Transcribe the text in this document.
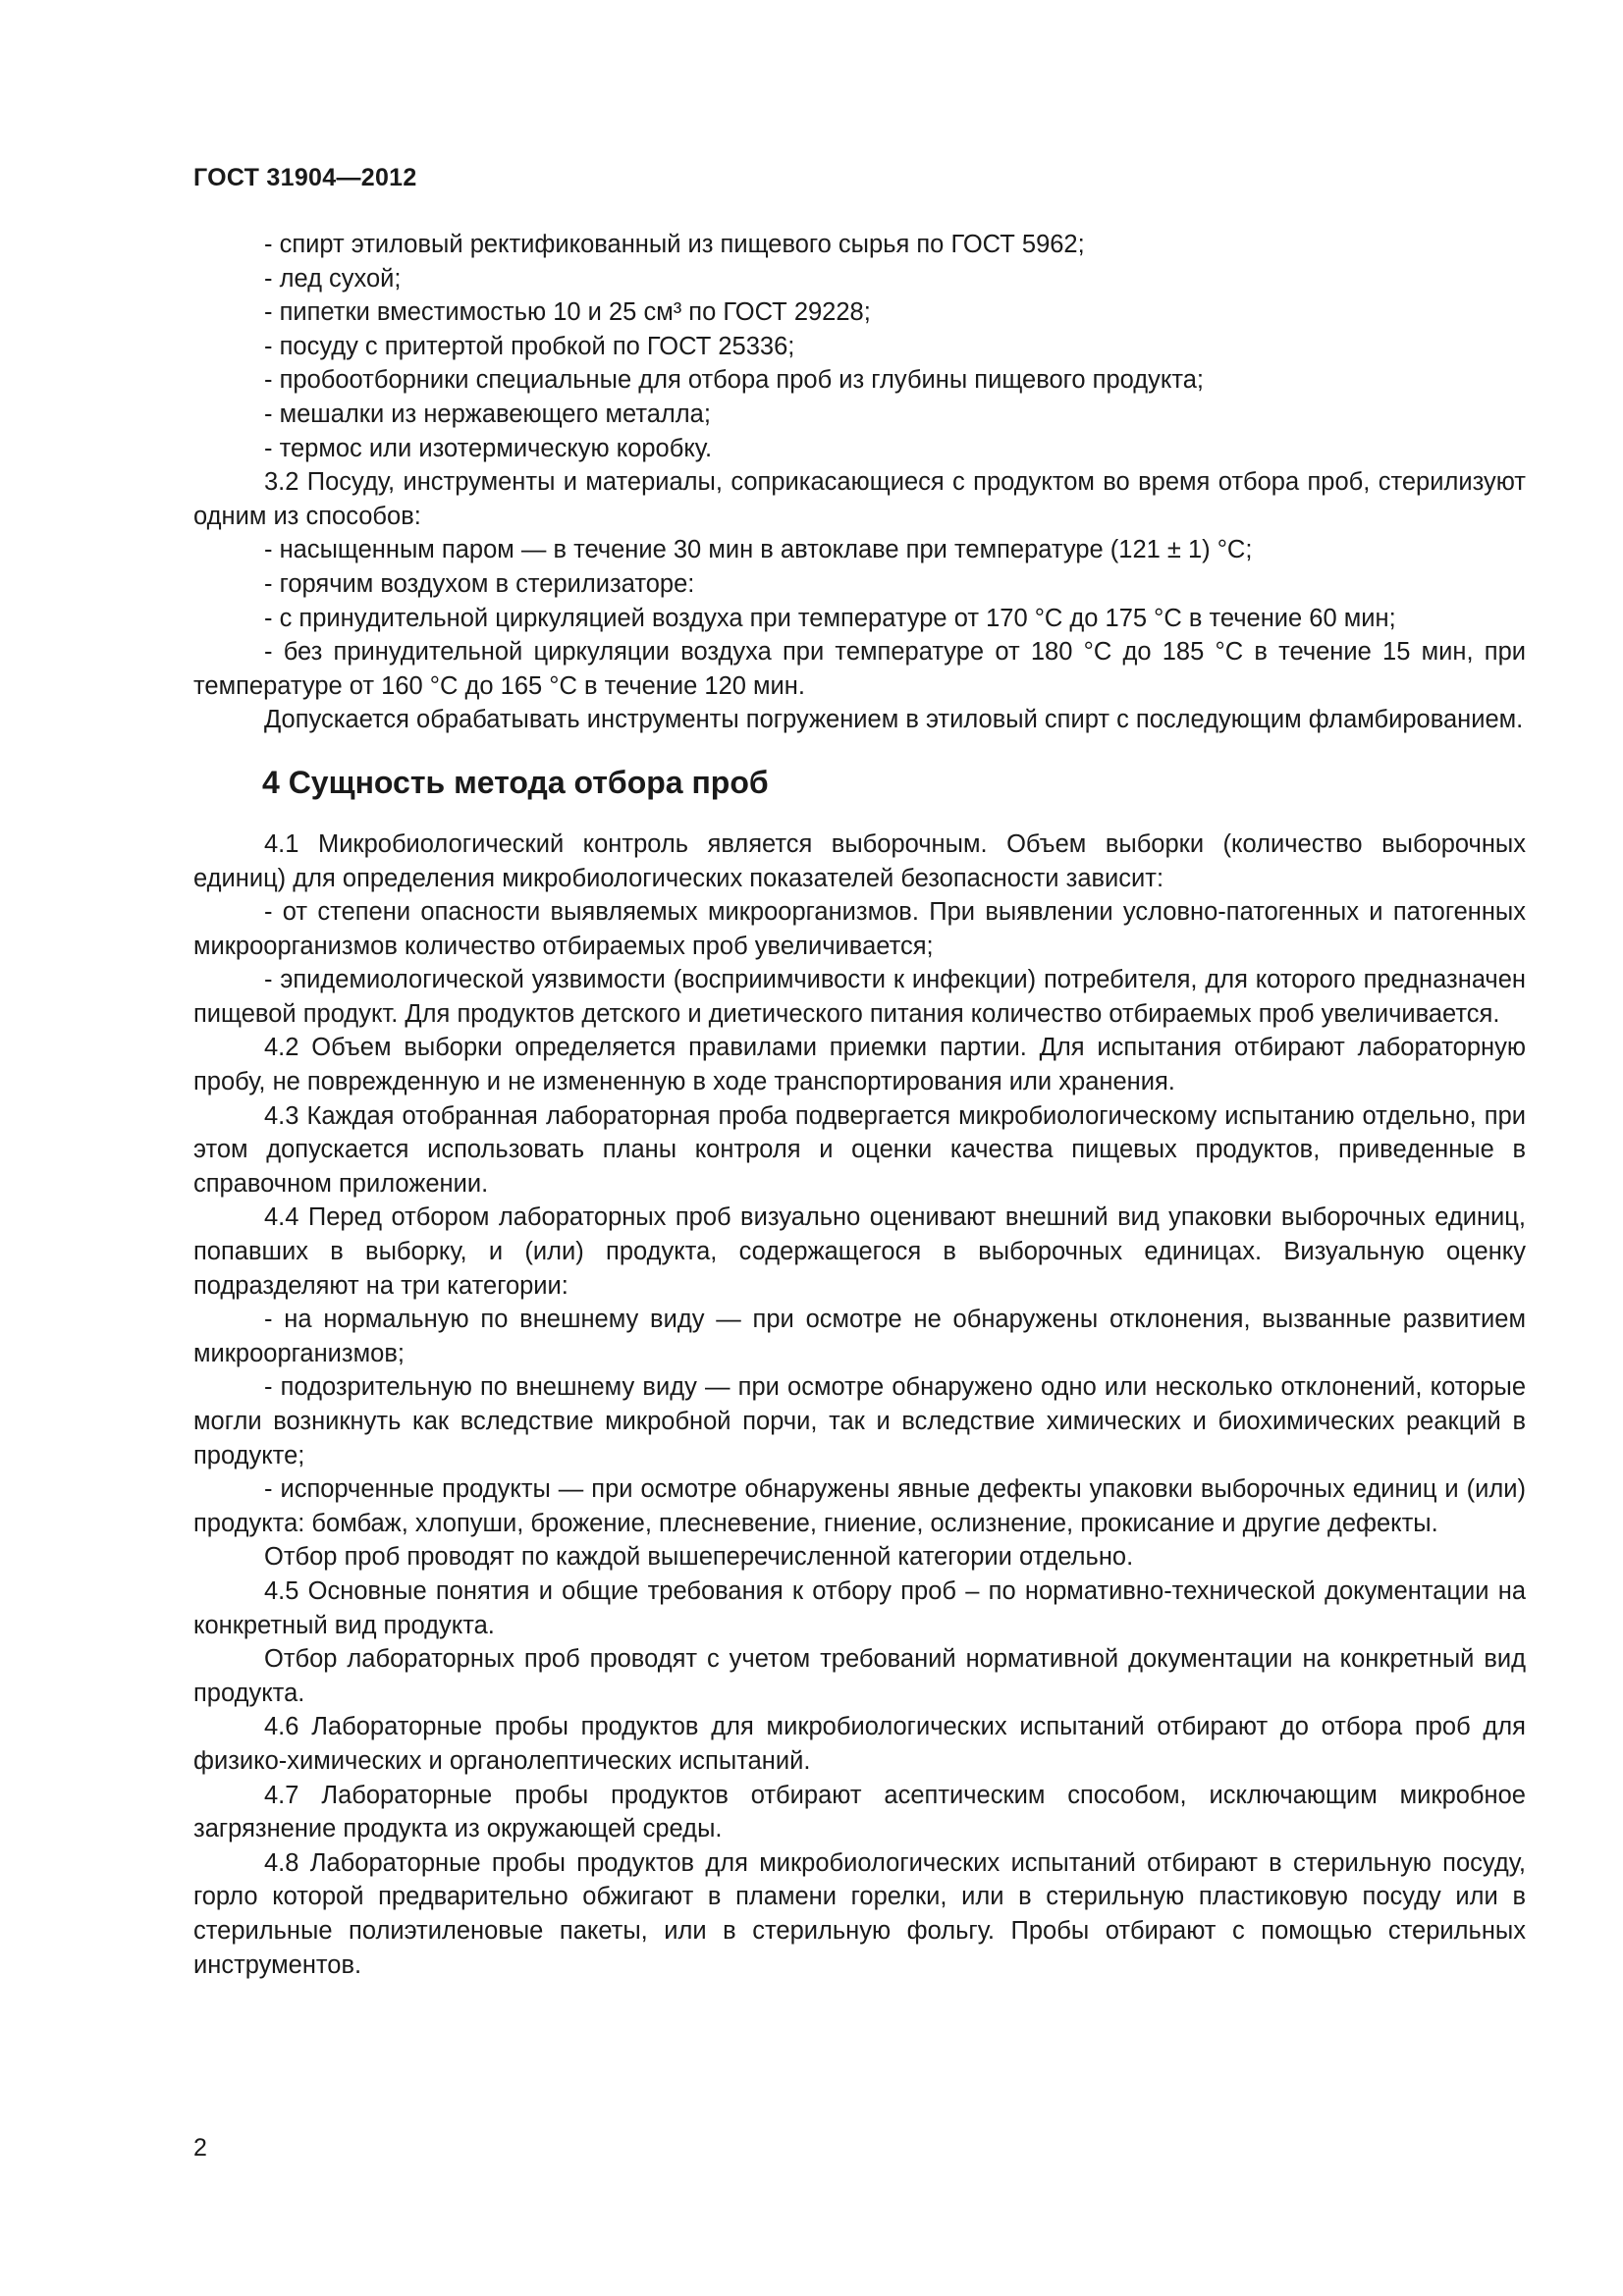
ГОСТ 31904—2012

- спирт этиловый ректификованный из пищевого сырья по ГОСТ 5962;

- лед сухой;

- пипетки вместимостью 10 и 25 см³ по ГОСТ 29228;

- посуду с притертой пробкой по ГОСТ 25336;

- пробоотборники специальные для отбора проб из глубины пищевого продукта;

- мешалки из нержавеющего металла;

- термос или изотермическую коробку.

3.2 Посуду, инструменты и материалы, соприкасающиеся с продуктом во время отбора проб, стерилизуют одним из способов:

- насыщенным паром — в течение 30 мин в автоклаве при температуре (121 ± 1) °С;

- горячим воздухом в стерилизаторе:

- с принудительной циркуляцией воздуха при температуре от 170 °С до 175 °С в течение 60 мин;

- без принудительной циркуляции воздуха при температуре от 180 °С до 185 °С в течение 15 мин, при температуре от 160 °С до 165 °С в течение 120 мин.

Допускается обрабатывать инструменты погружением в этиловый спирт с последующим фламбированием.

4 Сущность метода отбора проб

4.1 Микробиологический контроль является выборочным. Объем выборки (количество выборочных единиц) для определения микробиологических показателей безопасности зависит:

- от степени опасности выявляемых микроорганизмов. При выявлении условно-патогенных и патогенных микроорганизмов количество отбираемых проб увеличивается;

- эпидемиологической уязвимости (восприимчивости к инфекции) потребителя, для которого предназначен пищевой продукт. Для продуктов детского и диетического питания количество отбираемых проб увеличивается.

4.2 Объем выборки определяется правилами приемки партии. Для испытания отбирают лабораторную пробу, не поврежденную и не измененную в ходе транспортирования или хранения.

4.3 Каждая отобранная лабораторная проба подвергается микробиологическому испытанию отдельно, при этом допускается использовать планы контроля и оценки качества пищевых продуктов, приведенные в справочном приложении.

4.4 Перед отбором лабораторных проб визуально оценивают внешний вид упаковки выборочных единиц, попавших в выборку, и (или) продукта, содержащегося в выборочных единицах. Визуальную оценку подразделяют на три категории:

- на нормальную по внешнему виду — при осмотре не обнаружены отклонения, вызванные развитием микроорганизмов;

- подозрительную по внешнему виду — при осмотре обнаружено одно или несколько отклонений, которые могли возникнуть как вследствие микробной порчи, так и вследствие химических и биохимических реакций в продукте;

- испорченные продукты — при осмотре обнаружены явные дефекты упаковки выборочных единиц и (или) продукта: бомбаж, хлопуши, брожение, плесневение, гниение, ослизнение, прокисание и другие дефекты.

Отбор проб проводят по каждой вышеперечисленной категории отдельно.

4.5 Основные понятия и общие требования к отбору проб – по нормативно-технической документации на конкретный вид продукта.

Отбор лабораторных проб проводят с учетом требований нормативной документации на конкретный вид продукта.

4.6 Лабораторные пробы продуктов для микробиологических испытаний отбирают до отбора проб для физико-химических и органолептических испытаний.

4.7 Лабораторные пробы продуктов отбирают асептическим способом, исключающим микробное загрязнение продукта из окружающей среды.

4.8 Лабораторные пробы продуктов для микробиологических испытаний отбирают в стерильную посуду, горло которой предварительно обжигают в пламени горелки, или в стерильную пластиковую посуду или в стерильные полиэтиленовые пакеты, или в стерильную фольгу. Пробы отбирают с помощью стерильных инструментов.

2
